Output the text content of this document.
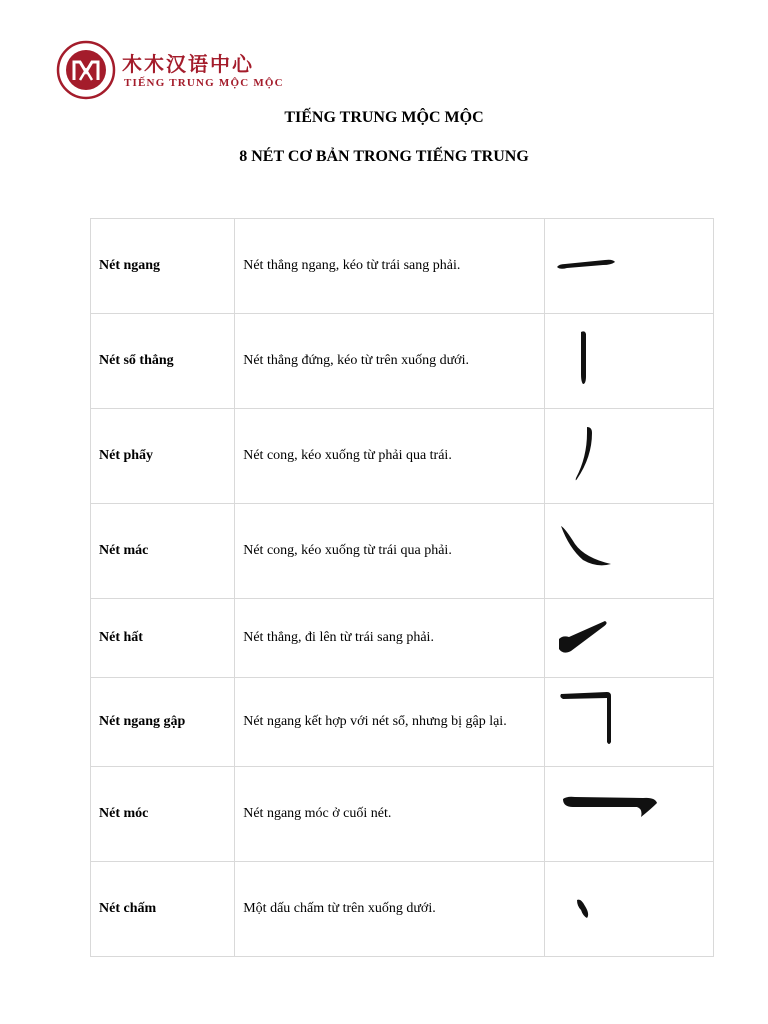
木木汉语中心
TIẾNG TRUNG MỘC MỘC
TIẾNG TRUNG MỘC MỘC
8 NÉT CƠ BẢN TRONG TIẾNG TRUNG
Nét ngang	Nét thẳng ngang, kéo từ trái sang phải.	

Nét sổ thẳng	Nét thẳng đứng, kéo từ trên xuống dưới.	

Nét phẩy	Nét cong, kéo xuống từ phải qua trái.	

Nét mác	Nét cong, kéo xuống từ trái qua phải.	

Nét hất	Nét thẳng, đi lên từ trái sang phải.	

Nét ngang gập	Nét ngang kết hợp với nét sổ, nhưng bị gập lại.	

Nét móc	Nét ngang móc ở cuối nét.	

Nét chấm	Một dấu chấm từ trên xuống dưới.	
